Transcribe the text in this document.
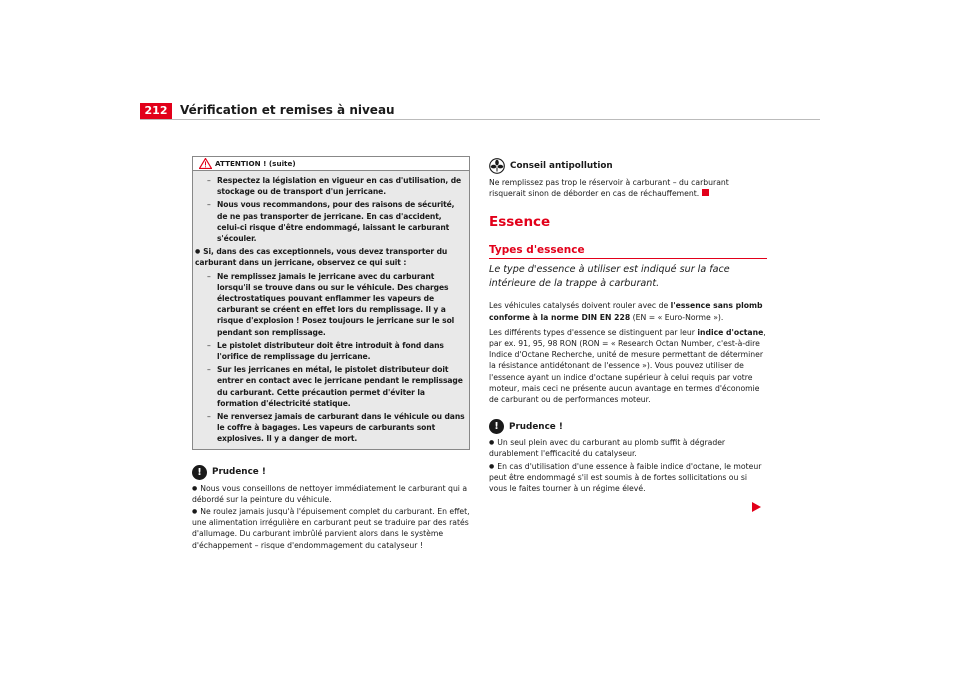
212	Vérification et remises à niveau
ATTENTION ! (suite)

– Respectez la législation en vigueur en cas d'utilisation, de stockage ou de transport d'un jerricane.

– Nous vous recommandons, pour des raisons de sécurité, de ne pas transporter de jerricane. En cas d'accident, celui-ci risque d'être endommagé, laissant le carburant s'écouler.

● Si, dans des cas exceptionnels, vous devez transporter du carburant dans un jerricane, observez ce qui suit :

– Ne remplissez jamais le jerricane avec du carburant lorsqu'il se trouve dans ou sur le véhicule. Des charges électrostatiques pouvant enflammer les vapeurs de carburant se créent en effet lors du remplissage. Il y a risque d'explosion ! Posez toujours le jerricane sur le sol pendant son remplissage.

– Le pistolet distributeur doit être introduit à fond dans l'orifice de remplissage du jerricane.

– Sur les jerricanes en métal, le pistolet distributeur doit entrer en contact avec le jerricane pendant le remplissage du carburant. Cette précaution permet d'éviter la formation d'électricité statique.

– Ne renversez jamais de carburant dans le véhicule ou dans le coffre à bagages. Les vapeurs de carburants sont explosives. Il y a danger de mort.

!	Prudence !

● Nous vous conseillons de nettoyer immédiatement le carburant qui a débordé sur la peinture du véhicule.

● Ne roulez jamais jusqu'à l'épuisement complet du carburant. En effet, une alimentation irrégulière en carburant peut se traduire par des ratés d'allumage. Du carburant imbrûlé parvient alors dans le système d'échappement – risque d'endommagement du catalyseur !

Conseil antipollution

Ne remplissez pas trop le réservoir à carburant – du carburant risquerait sinon de déborder en cas de réchauffement.

Essence
Types d'essence
Le type d'essence à utiliser est indiqué sur la face intérieure de la trappe à carburant.

Les véhicules catalysés doivent rouler avec de l'essence sans plomb conforme à la norme DIN EN 228 (EN = « Euro-Norme »).

Les différents types d'essence se distinguent par leur indice d'octane, par ex. 91, 95, 98 RON (RON = « Research Octan Number, c'est-à-dire Indice d'Octane Recherche, unité de mesure permettant de déterminer la résistance antidétonant de l'essence »). Vous pouvez utiliser de l'essence ayant un indice d'octane supérieur à celui requis par votre moteur, mais ceci ne présente aucun avantage en termes d'économie de carburant ou de performances moteur.

!	Prudence !

● Un seul plein avec du carburant au plomb suffit à dégrader durablement l'efficacité du catalyseur.

● En cas d'utilisation d'une essence à faible indice d'octane, le moteur peut être endommagé s'il est soumis à de fortes sollicitations ou si vous le faites tourner à un régime élevé.
